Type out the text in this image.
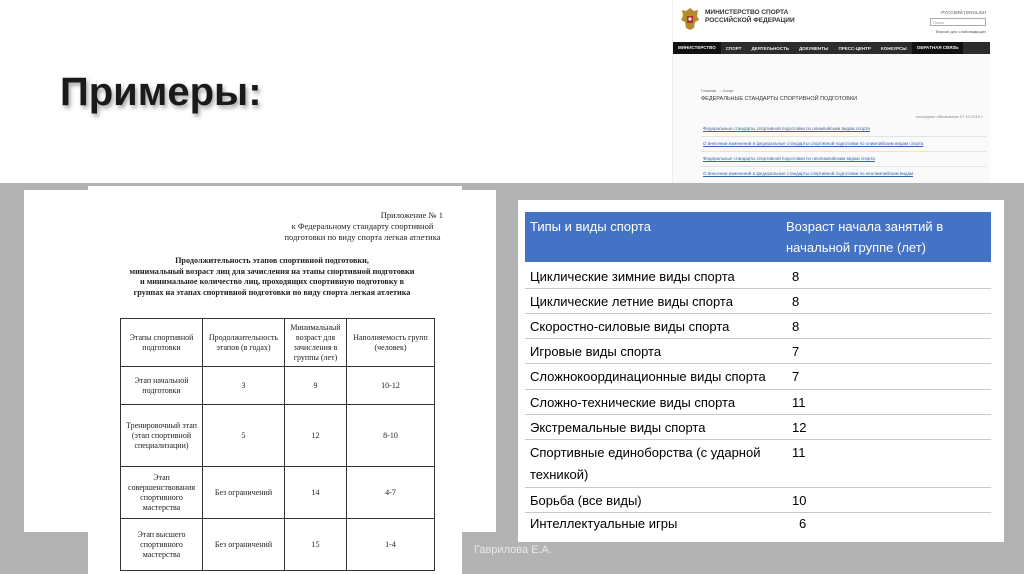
Примеры:
МИНИСТЕРСТВО СПОРТА
РОССИЙСКОЙ ФЕДЕРАЦИИ
РУССКИЙ | ENGLISH
Поиск
Версия для слабовидящих
МИНИСТЕРСТВО	СПОРТ	ДЕЯТЕЛЬНОСТЬ	ДОКУМЕНТЫ	ПРЕСС-ЦЕНТР	КОНКУРСЫ	ОБРАТНАЯ СВЯЗЬ
Главная → Спорт
ФЕДЕРАЛЬНЫЕ СТАНДАРТЫ СПОРТИВНОЙ ПОДГОТОВКИ
последнее обновление 07.10.2019 г.
Федеральные стандарты спортивной подготовки по олимпийским видам спорта
О внесении изменений в федеральные стандарты спортивной подготовки по олимпийским видам спорта
Федеральные стандарты спортивной подготовки по неолимпийским видам спорта
О внесении изменений в федеральные стандарты спортивной подготовки по неолимпийским видам
Приложение № 1
к Федеральному стандарту спортивной
подготовки по виду спорта легкая атлетика
Продолжительность этапов спортивной подготовки,
минимальный возраст лиц для зачисления на этапы спортивной подготовки
и минимальное количество лиц, проходящих спортивную подготовку в
группах на этапах спортивной подготовки по виду спорта легкая атлетика
Этапы спортивной подготовки	Продолжительность этапов (в годах)	Минимальный возраст для зачисления в группы (лет)	Наполняемость групп (человек)
Этап начальной подготовки	3	9	10-12
Тренировочный этап (этап спортивной специализации)	5	12	8-10
Этап совершенствования спортивного мастерства	Без ограничений	14	4-7
Этап высшего спортивного мастерства	Без ограничений	15	1-4
Типы и виды спорта	Возраст начала занятий в начальной группе (лет)
Циклические зимние виды спорта	8
Циклические летние виды спорта	8
Скоростно-силовые виды спорта	8
Игровые виды спорта	7
Сложнокоординационные виды спорта	7
Сложно-технические виды спорта	11
Экстремальные виды спорта	12
Спортивные единоборства (с ударной техникой)	11
Борьба (все виды)	10
Интеллектуальные игры	6
Гаврилова Е.А.
